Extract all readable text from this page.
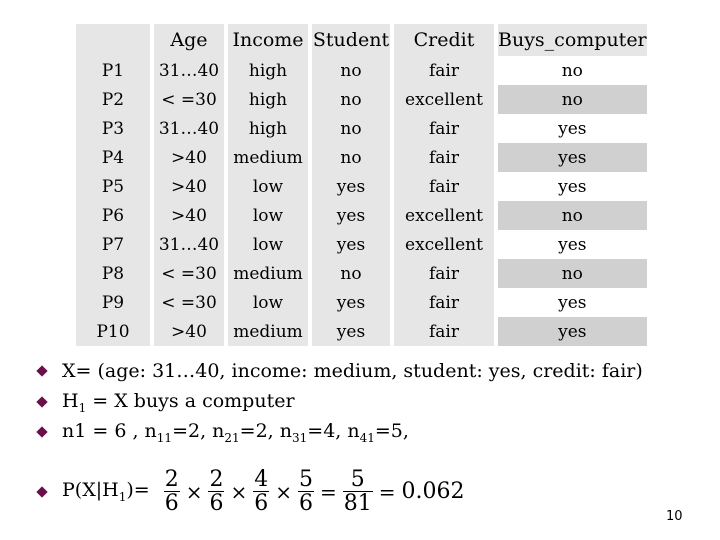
		Age		Income		Student		Credit		Buys_computer
P1		31…40		high		no		fair		no
P2		< =30		high		no		excellent		no
P3		31…40		high		no		fair		yes
P4		>40		medium		no		fair		yes
P5		>40		low		yes		fair		yes
P6		>40		low		yes		excellent		no
P7		31…40		low		yes		excellent		yes
P8		< =30		medium		no		fair		no
P9		< =30		low		yes		fair		yes
P10		>40		medium		yes		fair		yes
X= (age: 31…40, income: medium, student: yes, credit: fair)
$H_1 = X$ buys a computer
n1 = 6 , $n_{11}=2$, $n_{21}=2$, $n_{31}=4$, $n_{41}=5$,
$P(X|H_1)= \frac{2}{6} \times \frac{2}{6} \times \frac{4}{6} \times \frac{5}{6} = \frac{5}{81} = 0.062$
10
